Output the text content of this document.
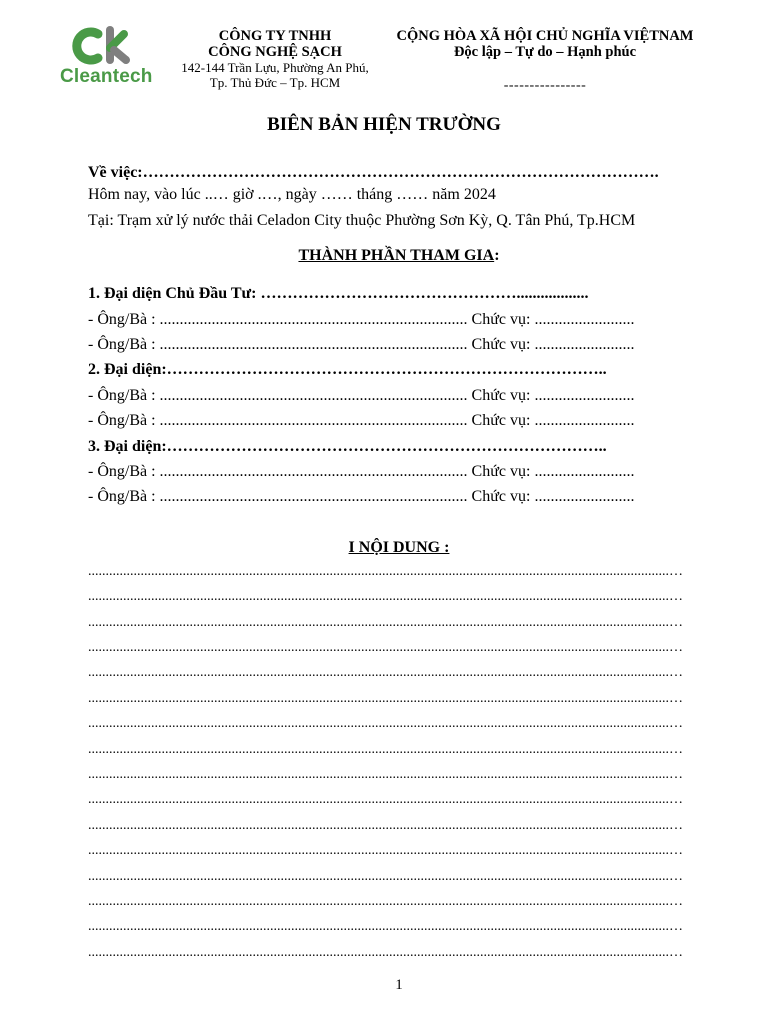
Cleantech
CÔNG TY TNHH
CÔNG NGHỆ SẠCH
142-144 Trần Lựu, Phường An Phú,
Tp. Thủ Đức – Tp. HCM
CỘNG HÒA XÃ HỘI CHỦ NGHĨA VIỆTNAM
Độc lập – Tự do – Hạnh phúc
----------------
BIÊN BẢN HIỆN TRƯỜNG
Về việc:…………………………………………………………………………………….
Hôm nay, vào lúc ..… giờ .…, ngày …… tháng …… năm 2024
Tại: Trạm xử lý nước thải Celadon City thuộc Phường Sơn Kỳ, Q. Tân Phú, Tp.HCM
THÀNH PHẦN THAM GIA:
1. Đại diện Chủ Đầu Tư: …………………………………………..................
- Ông/Bà : ............................................................................. Chức vụ: .........................
- Ông/Bà : ............................................................................. Chức vụ: .........................
2. Đại diện:………………………………………………………………………..
- Ông/Bà : ............................................................................. Chức vụ: .........................
- Ông/Bà : ............................................................................. Chức vụ: .........................
3. Đại diện:………………………………………………………………………..
- Ông/Bà : ............................................................................. Chức vụ: .........................
- Ông/Bà : ............................................................................. Chức vụ: .........................
I NỘI DUNG :
......................................................................................................................................................................…
......................................................................................................................................................................…
......................................................................................................................................................................…
......................................................................................................................................................................…
......................................................................................................................................................................…
......................................................................................................................................................................…
......................................................................................................................................................................…
......................................................................................................................................................................…
......................................................................................................................................................................…
......................................................................................................................................................................…
......................................................................................................................................................................…
......................................................................................................................................................................…
......................................................................................................................................................................…
......................................................................................................................................................................…
......................................................................................................................................................................…
......................................................................................................................................................................…
1
